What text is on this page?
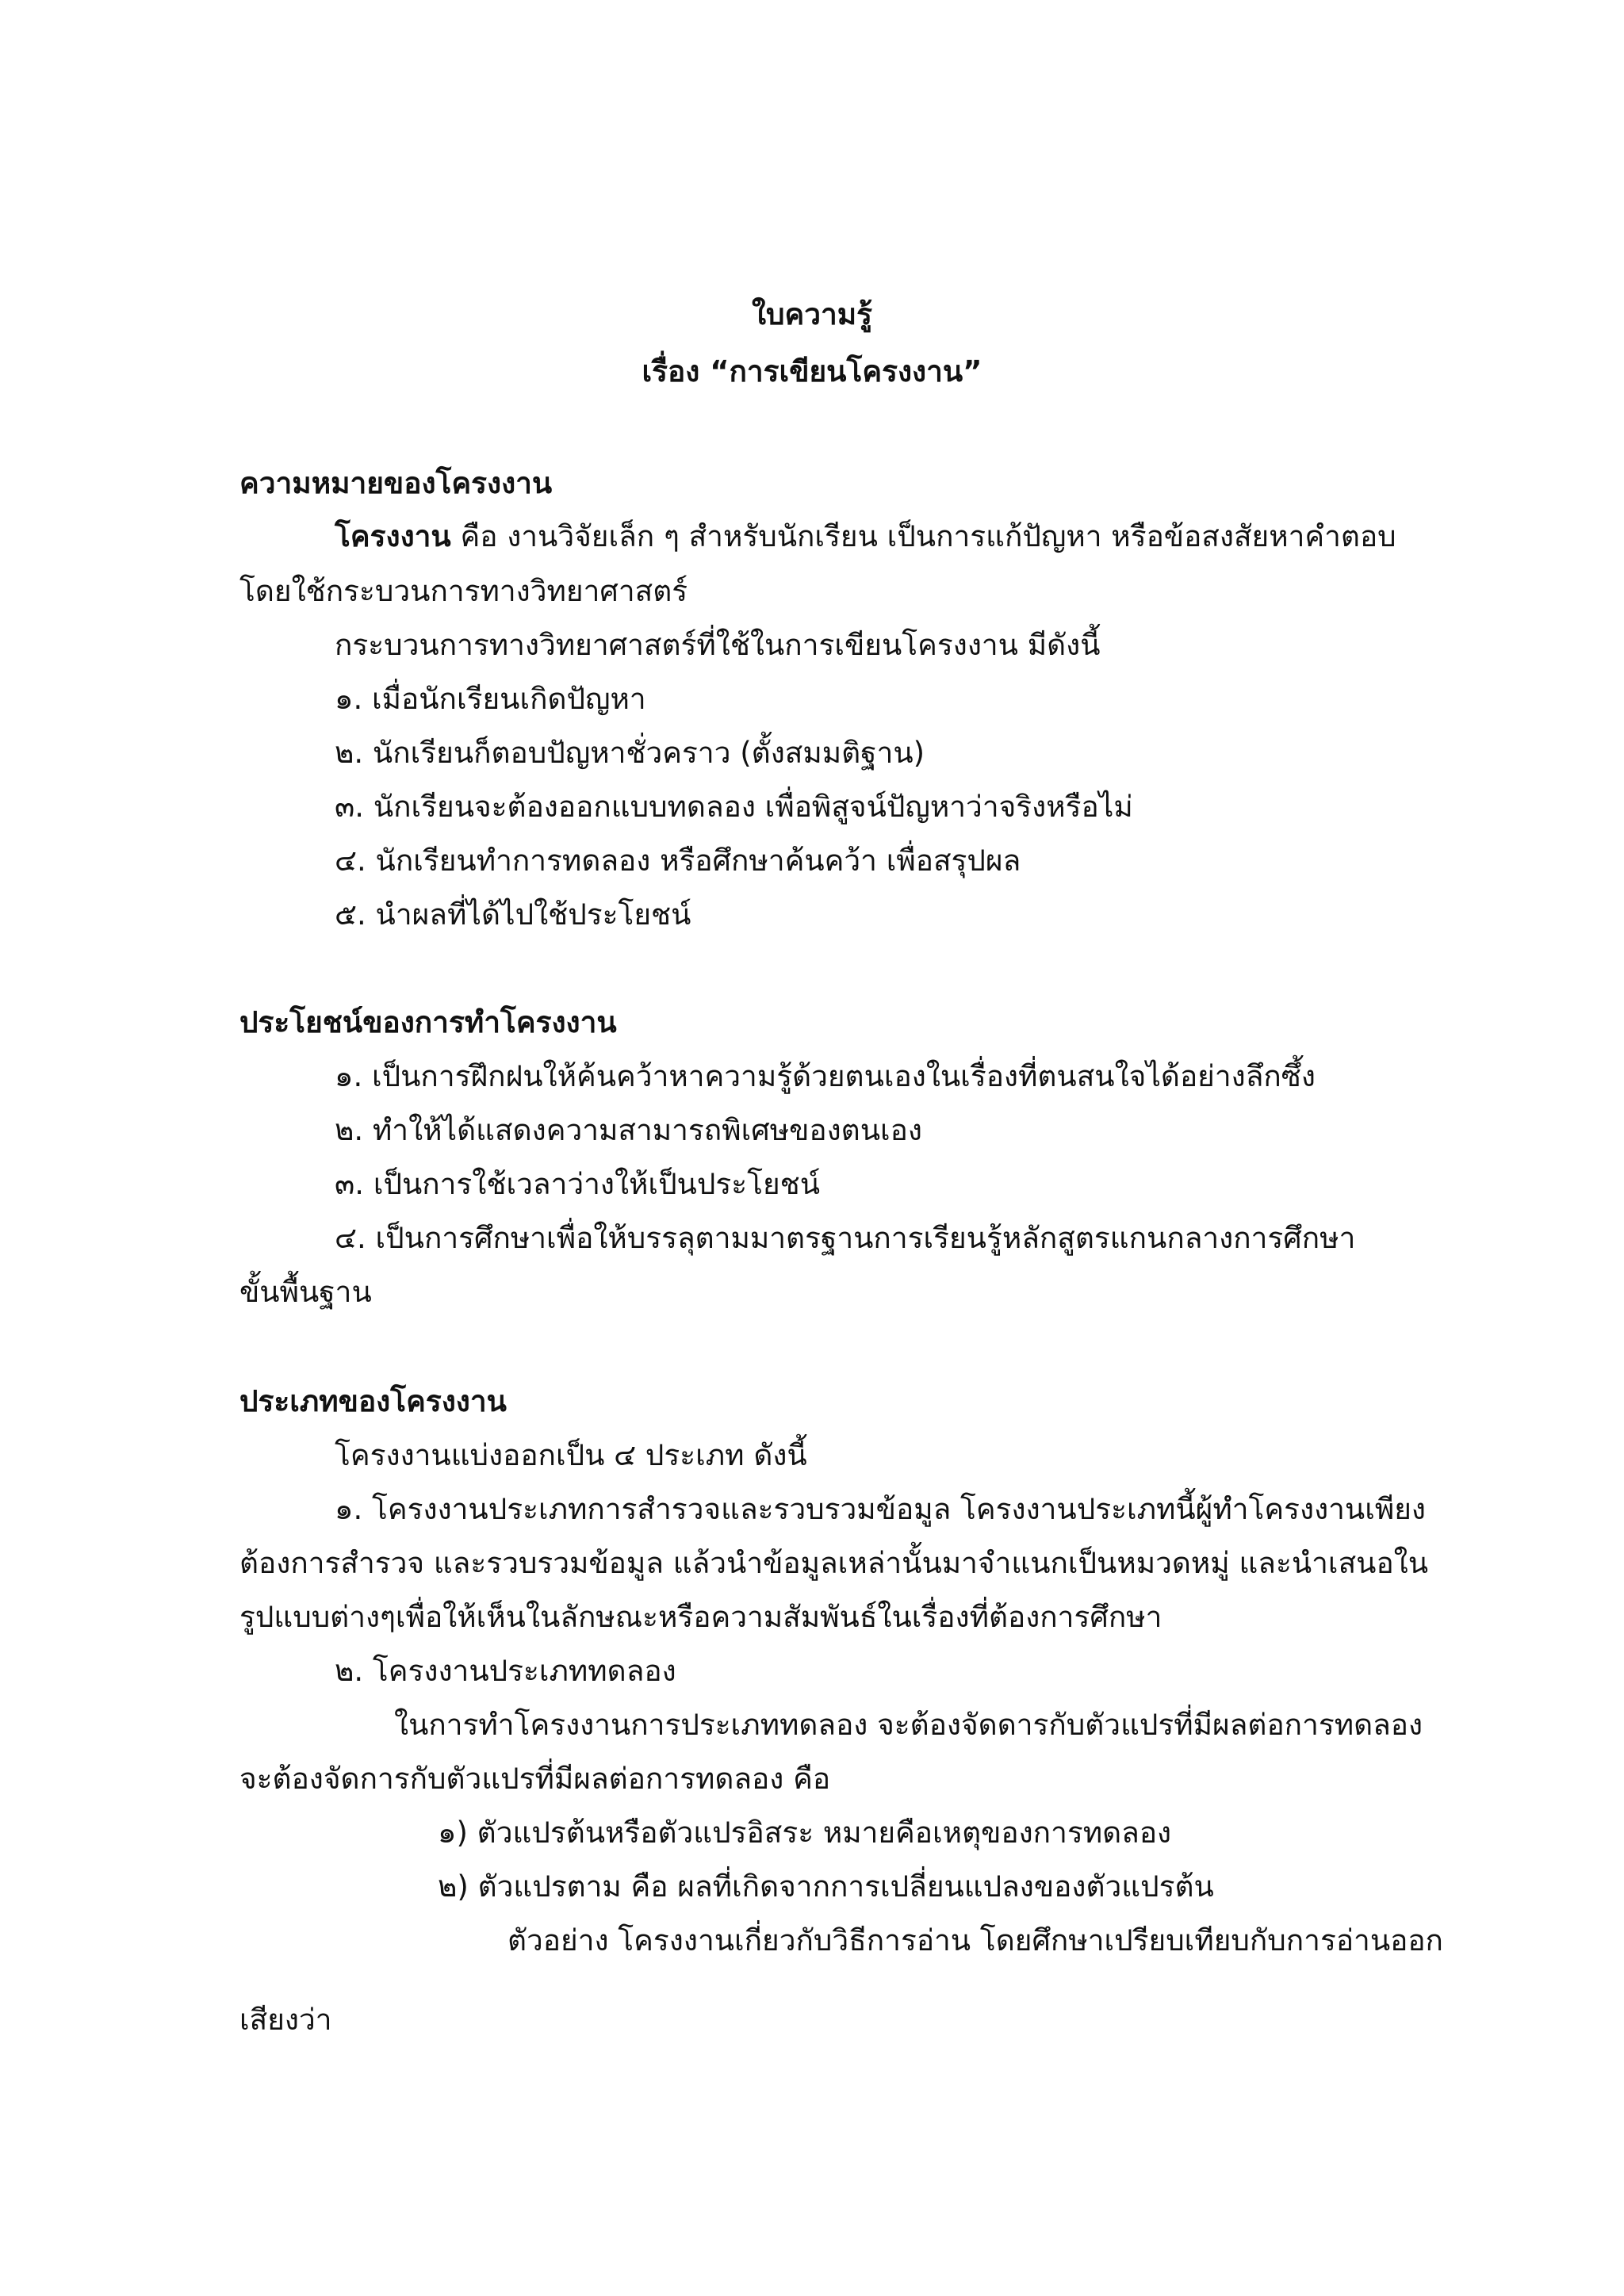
ใบความรู้
เรื่อง “การเขียนโครงงาน”
ความหมายของโครงงาน
โครงงาน คือ งานวิจัยเล็ก ๆ สำหรับนักเรียน เป็นการแก้ปัญหา หรือข้อสงสัยหาคำตอบ
โดยใช้กระบวนการทางวิทยาศาสตร์
กระบวนการทางวิทยาศาสตร์ที่ใช้ในการเขียนโครงงาน มีดังนี้
๑. เมื่อนักเรียนเกิดปัญหา
๒. นักเรียนก็ตอบปัญหาชั่วคราว (ตั้งสมมติฐาน)
๓. นักเรียนจะต้องออกแบบทดลอง เพื่อพิสูจน์ปัญหาว่าจริงหรือไม่
๔. นักเรียนทำการทดลอง หรือศึกษาค้นคว้า เพื่อสรุปผล
๕. นำผลที่ได้ไปใช้ประโยชน์
ประโยชน์ของการทำโครงงาน
๑. เป็นการฝึกฝนให้ค้นคว้าหาความรู้ด้วยตนเองในเรื่องที่ตนสนใจได้อย่างลึกซึ้ง
๒. ทำให้ได้แสดงความสามารถพิเศษของตนเอง
๓. เป็นการใช้เวลาว่างให้เป็นประโยชน์
๔. เป็นการศึกษาเพื่อให้บรรลุตามมาตรฐานการเรียนรู้หลักสูตรแกนกลางการศึกษา
ขั้นพื้นฐาน
ประเภทของโครงงาน
โครงงานแบ่งออกเป็น ๔ ประเภท ดังนี้
๑. โครงงานประเภทการสำรวจและรวบรวมข้อมูล โครงงานประเภทนี้ผู้ทำโครงงานเพียง
ต้องการสำรวจ และรวบรวมข้อมูล แล้วนำข้อมูลเหล่านั้นมาจำแนกเป็นหมวดหมู่ และนำเสนอใน
รูปแบบต่างๆเพื่อให้เห็นในลักษณะหรือความสัมพันธ์ในเรื่องที่ต้องการศึกษา
๒. โครงงานประเภททดลอง
ในการทำโครงงานการประเภททดลอง จะต้องจัดดารกับตัวแปรที่มีผลต่อการทดลอง
จะต้องจัดการกับตัวแปรที่มีผลต่อการทดลอง คือ
๑) ตัวแปรต้นหรือตัวแปรอิสระ หมายคือเหตุของการทดลอง
๒) ตัวแปรตาม คือ ผลที่เกิดจากการเปลี่ยนแปลงของตัวแปรต้น
ตัวอย่าง โครงงานเกี่ยวกับวิธีการอ่าน โดยศึกษาเปรียบเทียบกับการอ่านออก
เสียงว่า
